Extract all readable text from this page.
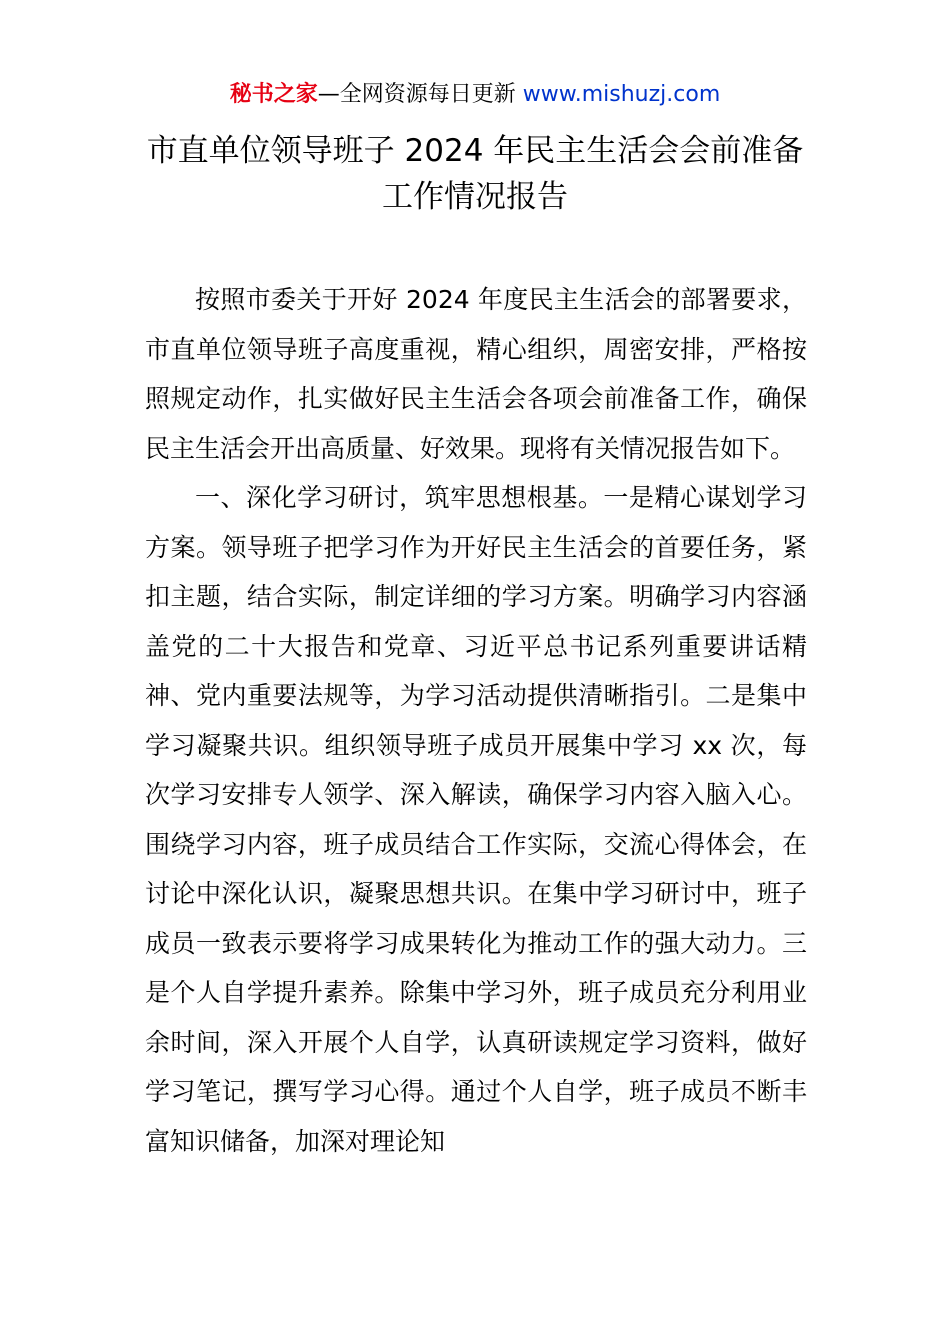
秘书之家—全网资源每日更新 www.mishuzj.com
市直单位领导班子 2024 年民主生活会会前准备
工作情况报告

按照市委关于开好 2024 年度民主生活会的部署要求，市直单位领导班子高度重视，精心组织，周密安排，严格按照规定动作，扎实做好民主生活会各项会前准备工作，确保民主生活会开出高质量、好效果。现将有关情况报告如下。

一、深化学习研讨，筑牢思想根基。一是精心谋划学习方案。领导班子把学习作为开好民主生活会的首要任务，紧扣主题，结合实际，制定详细的学习方案。明确学习内容涵盖党的二十大报告和党章、习近平总书记系列重要讲话精神、党内重要法规等，为学习活动提供清晰指引。二是集中学习凝聚共识。组织领导班子成员开展集中学习 xx 次，每次学习安排专人领学、深入解读，确保学习内容入脑入心。围绕学习内容，班子成员结合工作实际，交流心得体会，在讨论中深化认识，凝聚思想共识。在集中学习研讨中，班子成员一致表示要将学习成果转化为推动工作的强大动力。三是个人自学提升素养。除集中学习外，班子成员充分利用业余时间，深入开展个人自学，认真研读规定学习资料，做好学习笔记，撰写学习心得。通过个人自学，班子成员不断丰富知识储备，加深对理论知
